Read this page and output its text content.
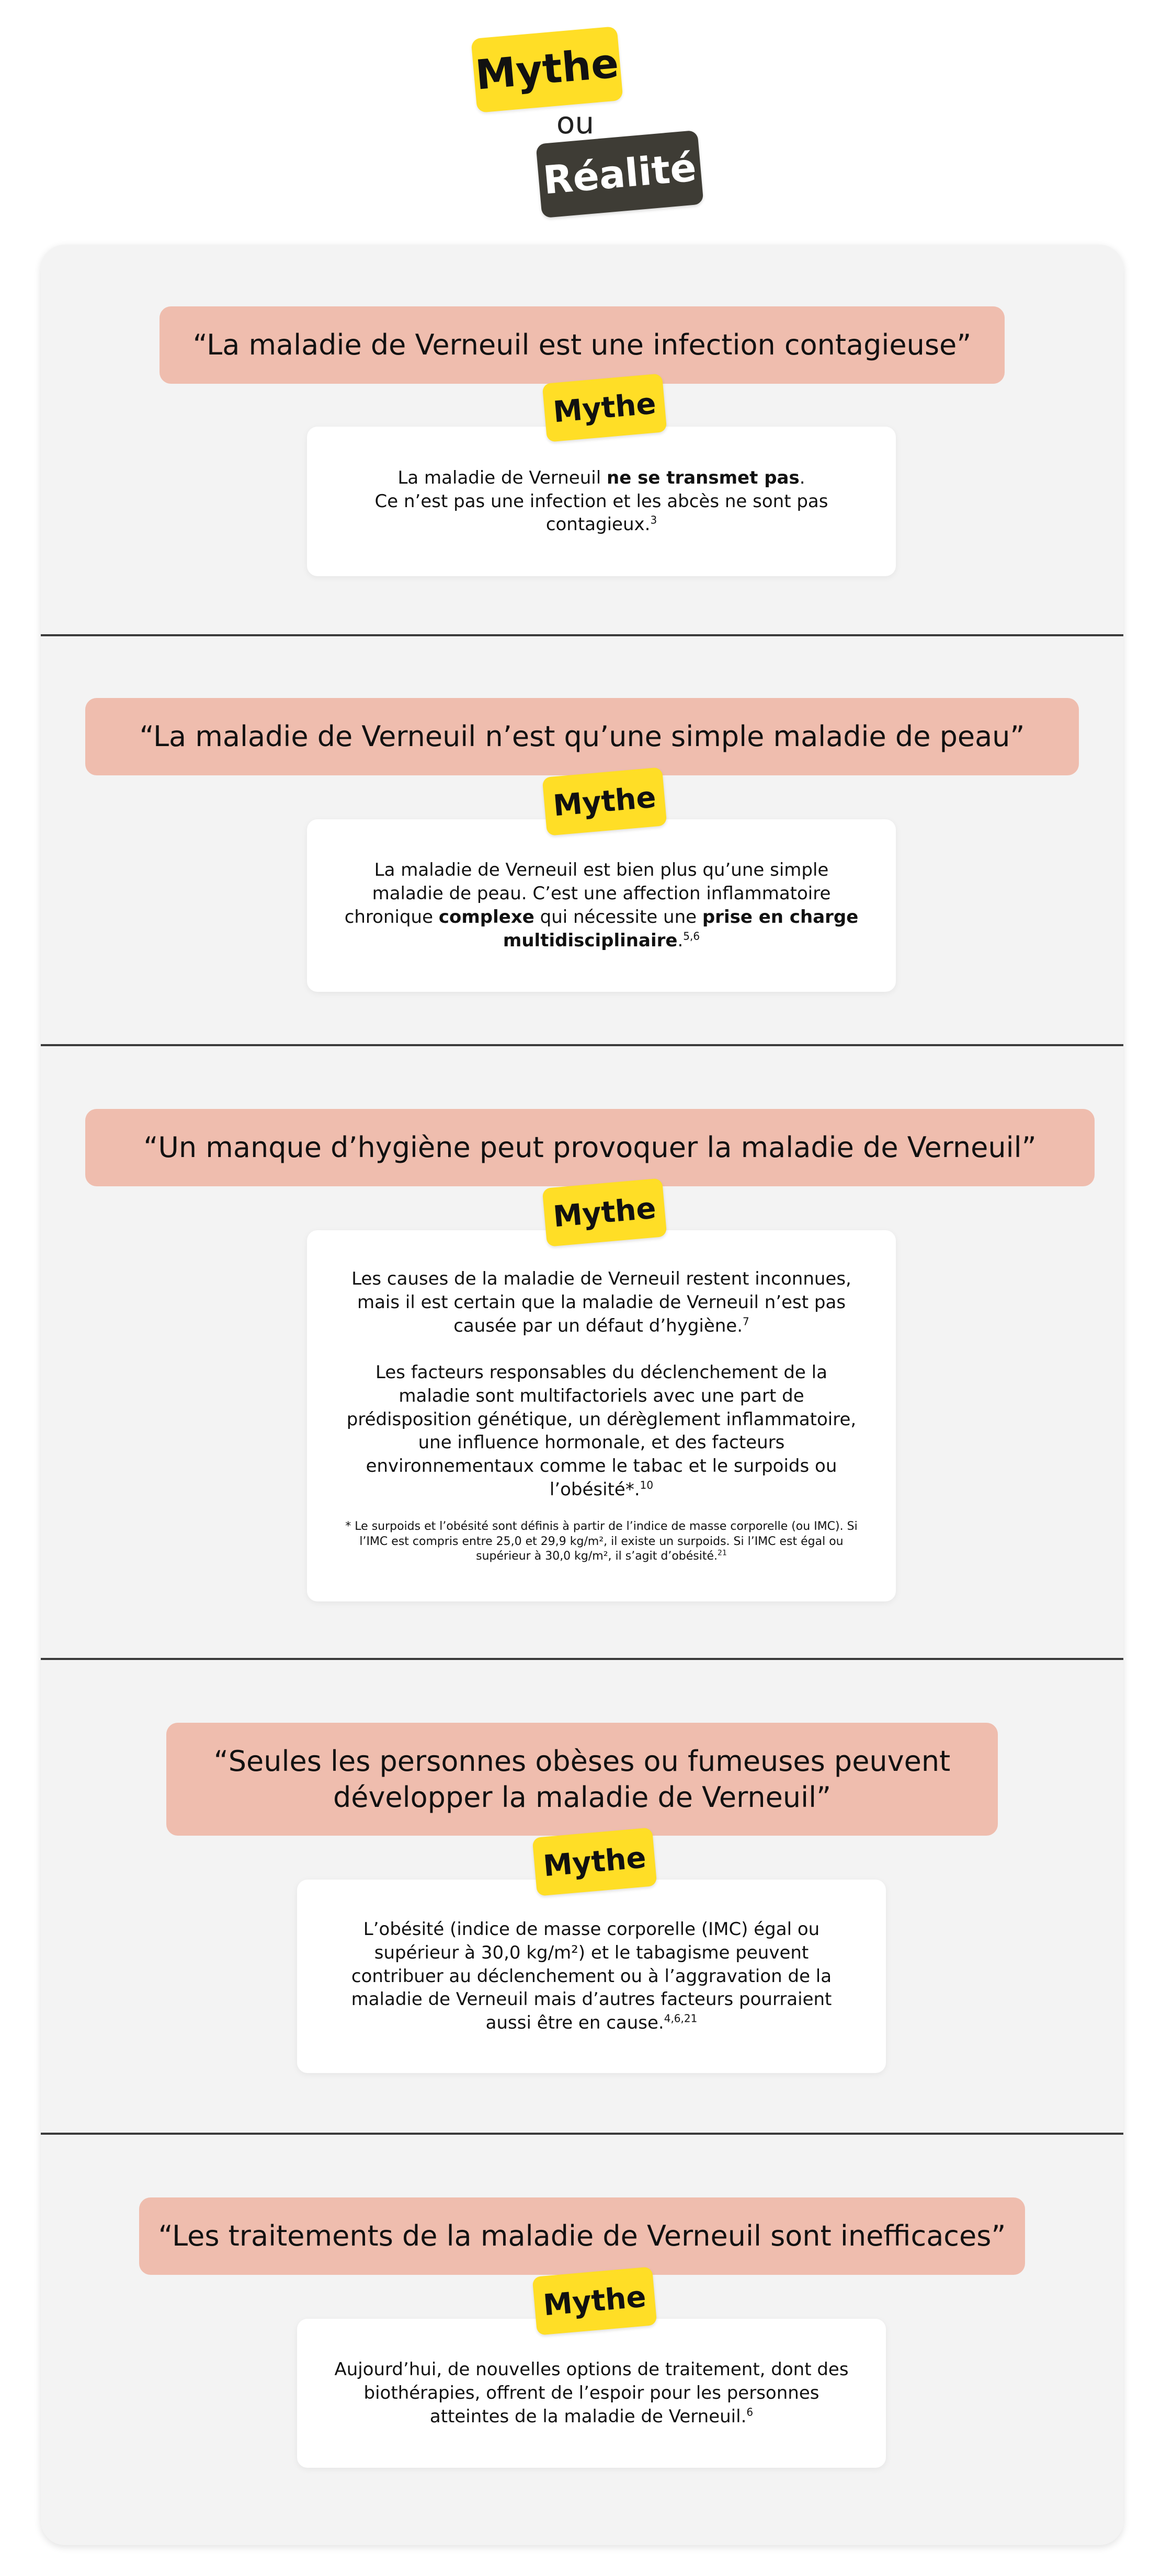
Mythe
ou
Réalité
“La maladie de Verneuil est une infection contagieuse”
Mythe

La maladie de Verneuil ne se transmet pas.
Ce n’est pas une infection et les abcès ne sont pas contagieux.$^3$

“La maladie de Verneuil n’est qu’une simple maladie de peau”
Mythe

La maladie de Verneuil est bien plus qu’une simple maladie de peau. C’est une affection inflammatoire chronique complexe qui nécessite une prise en charge multidisciplinaire.$^{5,6}$

“Un manque d’hygiène peut provoquer la maladie de Verneuil”
Mythe

Les causes de la maladie de Verneuil restent inconnues, mais il est certain que la maladie de Verneuil n’est pas causée par un défaut d’hygiène.$^7$

Les facteurs responsables du déclenchement de la maladie sont multifactoriels avec une part de prédisposition génétique, un dérèglement inflammatoire, une influence hormonale, et des facteurs environnementaux comme le tabac et le surpoids ou l’obésité*.$^{10}$

* Le surpoids et l’obésité sont définis à partir de l’indice de masse corporelle (ou IMC). Si l’IMC est compris entre 25,0 et 29,9 kg/m², il existe un surpoids. Si l’IMC est égal ou supérieur à 30,0 kg/m², il s’agit d’obésité.$^{21}$

“Seules les personnes obèses ou fumeuses peuvent développer la maladie de Verneuil”
Mythe

L’obésité (indice de masse corporelle (IMC) égal ou supérieur à 30,0 kg/m²) et le tabagisme peuvent contribuer au déclenchement ou à l’aggravation de la maladie de Verneuil mais d’autres facteurs pourraient aussi être en cause.$^{4,6,21}$

“Les traitements de la maladie de Verneuil sont inefficaces”
Mythe

Aujourd’hui, de nouvelles options de traitement, dont des biothérapies, offrent de l’espoir pour les personnes atteintes de la maladie de Verneuil.$^6$
